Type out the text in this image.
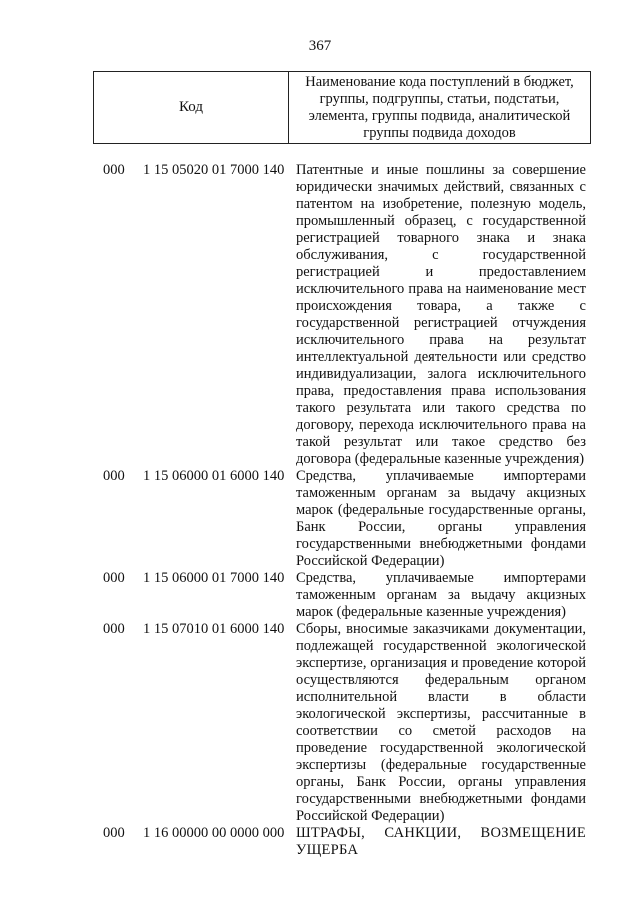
367
Код
Наименование кода поступлений в бюджет,
группы, подгруппы, статьи, подстатьи,
элемента, группы подвида, аналитической
группы подвида доходов
000 1 15 05020 01 7000 140 Патентные и иные пошлины за совершение
юридически значимых действий, связанных с
патентом на изобретение, полезную модель,
промышленный образец, с государственной
регистрацией товарного знака и знака
обслуживания, с государственной
регистрацией и предоставлением
исключительного права на наименование мест
происхождения товара, а также с
государственной регистрацией отчуждения
исключительного права на результат
интеллектуальной деятельности или средство
индивидуализации, залога исключительного
права, предоставления права использования
такого результата или такого средства по
договору, перехода исключительного права на
такой результат или такое средство без
договора (федеральные казенные учреждения)
000 1 15 06000 01 6000 140 Средства, уплачиваемые импортерами
таможенным органам за выдачу акцизных
марок (федеральные государственные органы,
Банк России, органы управления
государственными внебюджетными фондами
Российской Федерации)
000 1 15 06000 01 7000 140 Средства, уплачиваемые импортерами
таможенным органам за выдачу акцизных
марок (федеральные казенные учреждения)
000 1 15 07010 01 6000 140 Сборы, вносимые заказчиками документации,
подлежащей государственной экологической
экспертизе, организация и проведение которой
осуществляются федеральным органом
исполнительной власти в области
экологической экспертизы, рассчитанные в
соответствии со сметой расходов на
проведение государственной экологической
экспертизы (федеральные государственные
органы, Банк России, органы управления
государственными внебюджетными фондами
Российской Федерации)
000 1 16 00000 00 0000 000 ШТРАФЫ, САНКЦИИ, ВОЗМЕЩЕНИЕ
УЩЕРБА
